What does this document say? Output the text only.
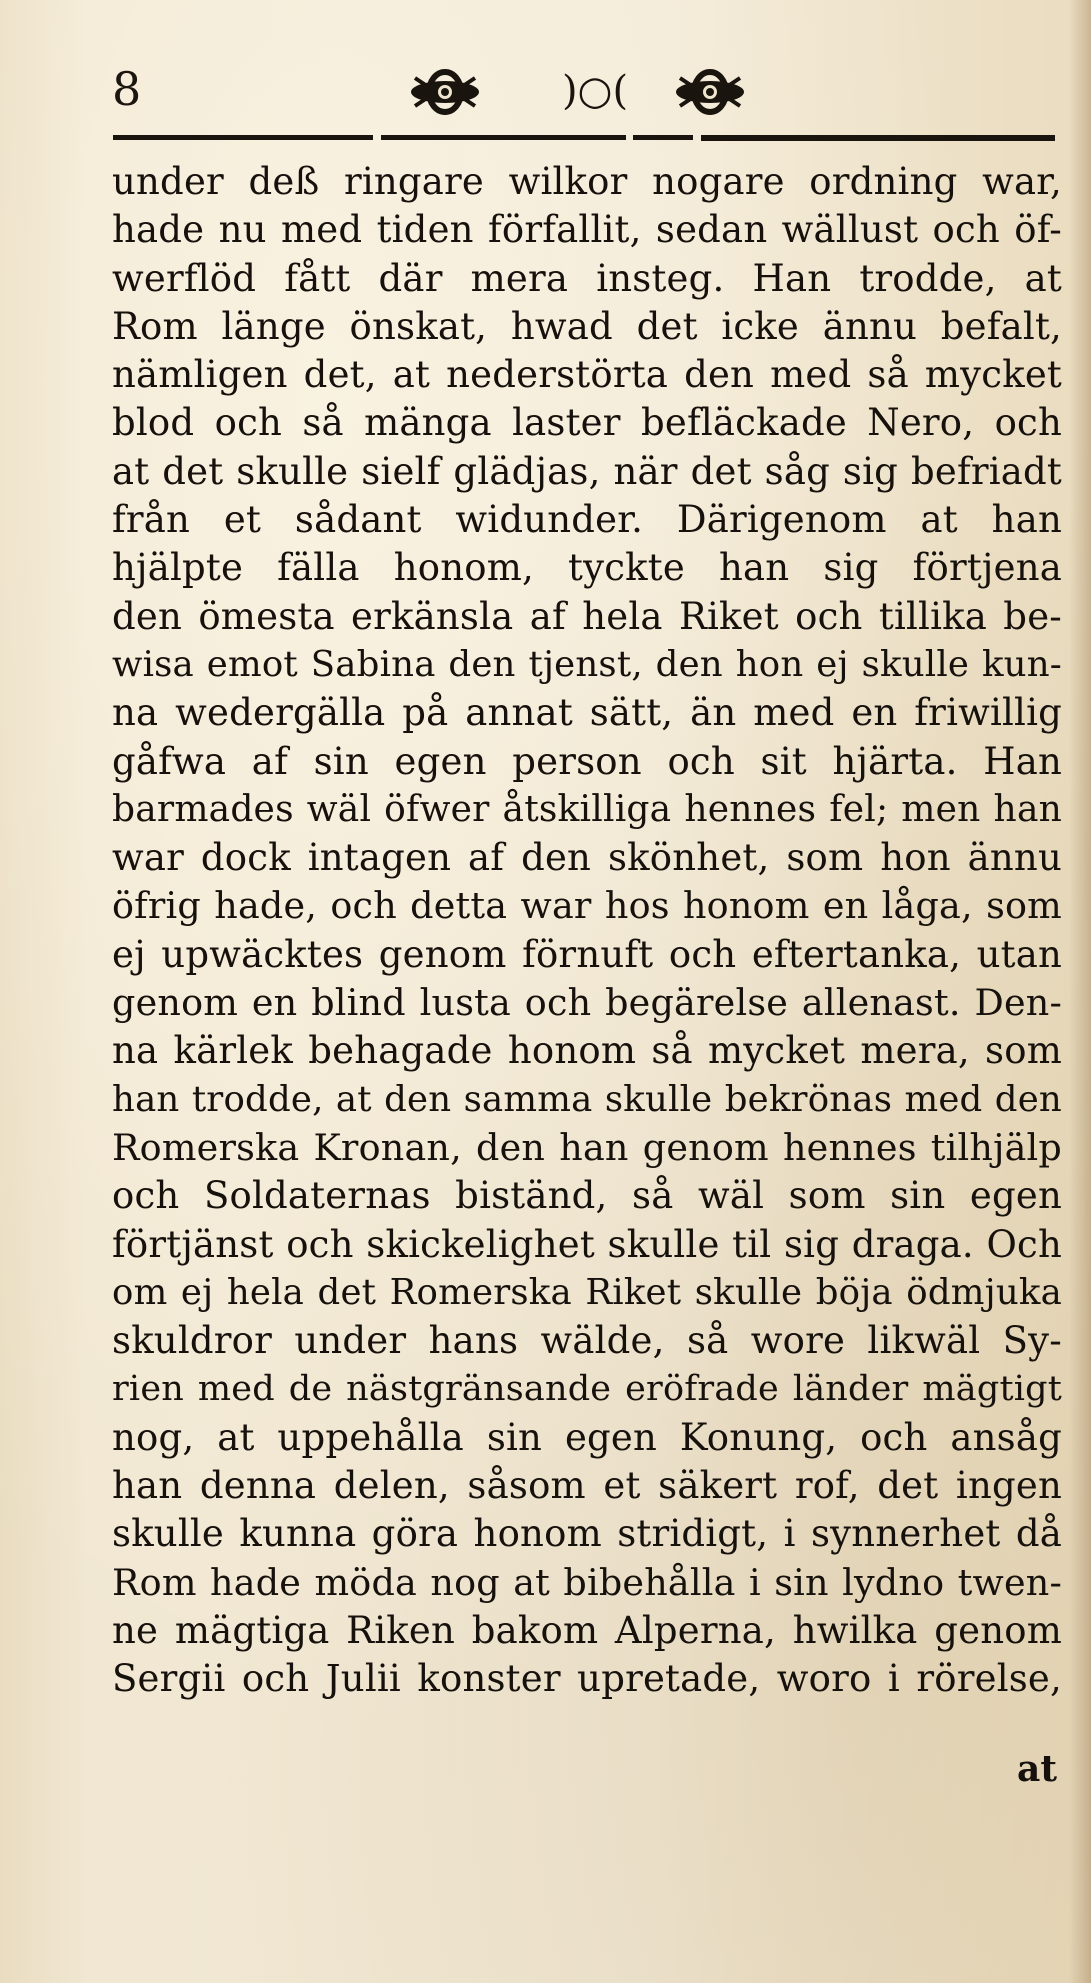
8	)○(
under deß ringare wilkor nogare ordning war,
hade nu med tiden förfallit, sedan wällust och öf-
werflöd fått där mera insteg. Han trodde, at
Rom länge önskat, hwad det icke ännu befalt,
nämligen det, at nederstörta den med så mycket
blod och så mänga laster befläckade Nero, och
at det skulle sielf glädjas, när det såg sig befriadt
från et sådant widunder. Därigenom at han
hjälpte fälla honom, tyckte han sig förtjena
den ömesta erkänsla af hela Riket och tillika be-
wisa emot Sabina den tjenst, den hon ej skulle kun-
na wedergälla på annat sätt, än med en friwillig
gåfwa af sin egen person och sit hjärta. Han
barmades wäl öfwer åtskilliga hennes fel; men han
war dock intagen af den skönhet, som hon ännu
öfrig hade, och detta war hos honom en låga, som
ej upwäcktes genom förnuft och eftertanka, utan
genom en blind lusta och begärelse allenast. Den-
na kärlek behagade honom så mycket mera, som
han trodde, at den samma skulle bekrönas med den
Romerska Kronan, den han genom hennes tilhjälp
och Soldaternas biständ, så wäl som sin egen
förtjänst och skickelighet skulle til sig draga. Och
om ej hela det Romerska Riket skulle böja ödmjuka
skuldror under hans wälde, så wore likwäl Sy-
rien med de nästgränsande eröfrade länder mägtigt
nog, at uppehålla sin egen Konung, och ansåg
han denna delen, såsom et säkert rof, det ingen
skulle kunna göra honom stridigt, i synnerhet då
Rom hade möda nog at bibehålla i sin lydno twen-
ne mägtiga Riken bakom Alperna, hwilka genom
Sergii och Julii konster upretade, woro i rörelse,
at
